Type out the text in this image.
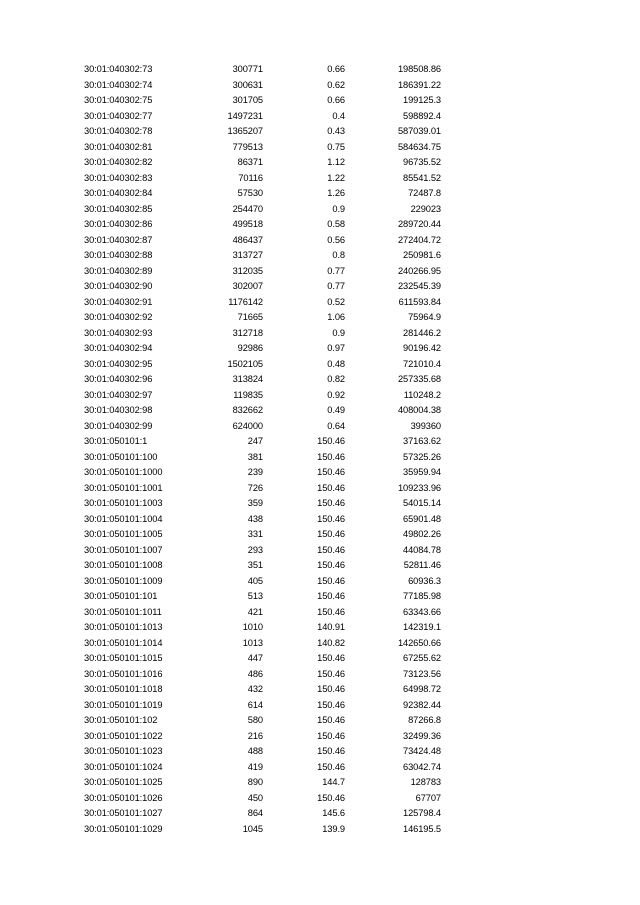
30:01:040302:73	300771	0.66	198508.86
30:01:040302:74	300631	0.62	186391.22
30:01:040302:75	301705	0.66	199125.3
30:01:040302:77	1497231	0.4	598892.4
30:01:040302:78	1365207	0.43	587039.01
30:01:040302:81	779513	0.75	584634.75
30:01:040302:82	86371	1.12	96735.52
30:01:040302:83	70116	1.22	85541.52
30:01:040302:84	57530	1.26	72487.8
30:01:040302:85	254470	0.9	229023
30:01:040302:86	499518	0.58	289720.44
30:01:040302:87	486437	0.56	272404.72
30:01:040302:88	313727	0.8	250981.6
30:01:040302:89	312035	0.77	240266.95
30:01:040302:90	302007	0.77	232545.39
30:01:040302:91	1176142	0.52	611593.84
30:01:040302:92	71665	1.06	75964.9
30:01:040302:93	312718	0.9	281446.2
30:01:040302:94	92986	0.97	90196.42
30:01:040302:95	1502105	0.48	721010.4
30:01:040302:96	313824	0.82	257335.68
30:01:040302:97	119835	0.92	110248.2
30:01:040302:98	832662	0.49	408004.38
30:01:040302:99	624000	0.64	399360
30:01:050101:1	247	150.46	37163.62
30:01:050101:100	381	150.46	57325.26
30:01:050101:1000	239	150.46	35959.94
30:01:050101:1001	726	150.46	109233.96
30:01:050101:1003	359	150.46	54015.14
30:01:050101:1004	438	150.46	65901.48
30:01:050101:1005	331	150.46	49802.26
30:01:050101:1007	293	150.46	44084.78
30:01:050101:1008	351	150.46	52811.46
30:01:050101:1009	405	150.46	60936.3
30:01:050101:101	513	150.46	77185.98
30:01:050101:1011	421	150.46	63343.66
30:01:050101:1013	1010	140.91	142319.1
30:01:050101:1014	1013	140.82	142650.66
30:01:050101:1015	447	150.46	67255.62
30:01:050101:1016	486	150.46	73123.56
30:01:050101:1018	432	150.46	64998.72
30:01:050101:1019	614	150.46	92382.44
30:01:050101:102	580	150.46	87266.8
30:01:050101:1022	216	150.46	32499.36
30:01:050101:1023	488	150.46	73424.48
30:01:050101:1024	419	150.46	63042.74
30:01:050101:1025	890	144.7	128783
30:01:050101:1026	450	150.46	67707
30:01:050101:1027	864	145.6	125798.4
30:01:050101:1029	1045	139.9	146195.5
